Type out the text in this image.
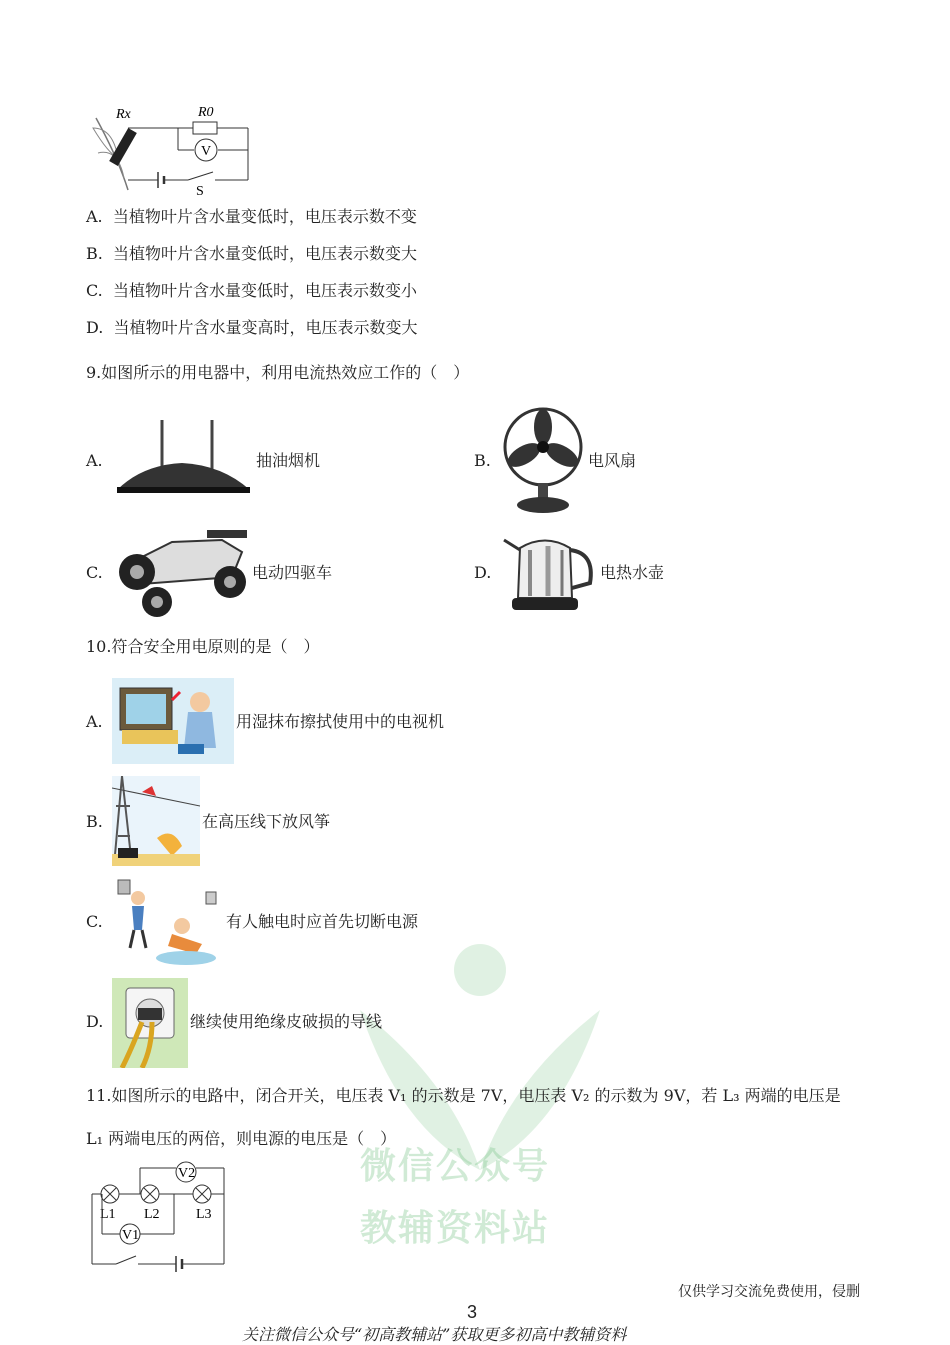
微信公众号
教辅资料站
Rx	R0
V
S
A. 当植物叶片含水量变低时，电压表示数不变
B. 当植物叶片含水量变低时，电压表示数变大
C. 当植物叶片含水量变低时，电压表示数变小
D. 当植物叶片含水量变高时，电压表示数变大
9.如图所示的用电器中，利用电流热效应工作的（　）
A.	抽油烟机	B.	电风扇
C.	电动四驱车	D.	电热水壶
10.符合安全用电原则的是（　）
A.	用湿抹布擦拭使用中的电视机
B.	在高压线下放风筝
C.	有人触电时应首先切断电源
D.	继续使用绝缘皮破损的导线
11.如图所示的电路中，闭合开关，电压表 V₁ 的示数是 7V，电压表 V₂ 的示数为 9V，若 L₃ 两端的电压是
L₁ 两端电压的两倍，则电源的电压是（　）
L1 L2	L3
V1
V2
仅供学习交流免费使用，侵删
3
关注微信公众号“初高教辅站”获取更多初高中教辅资料
